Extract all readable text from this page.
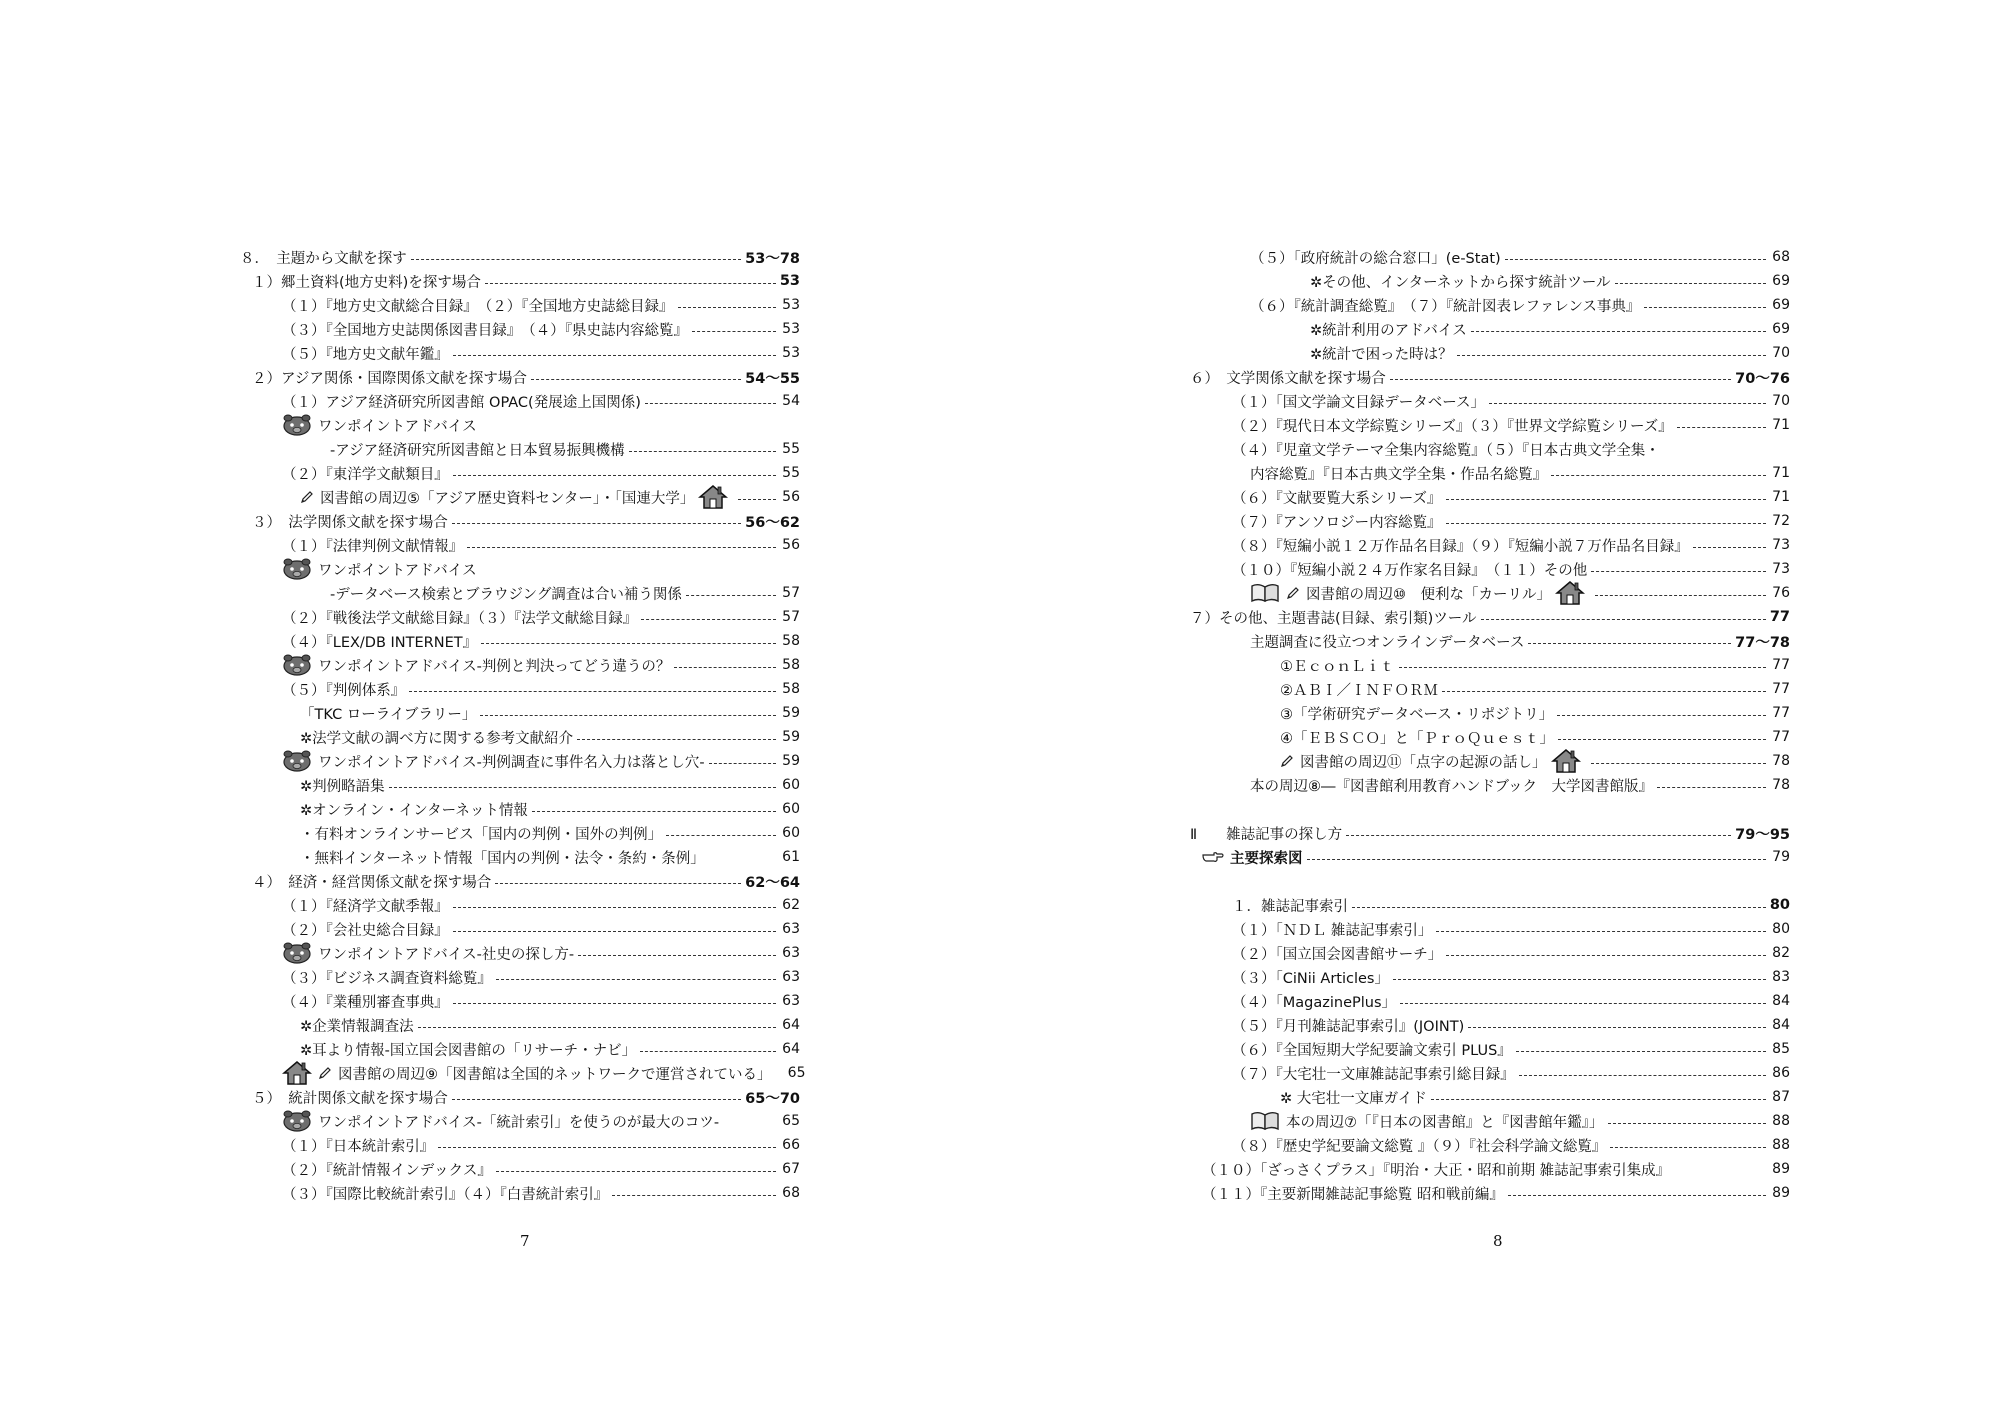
８．　主題から文献を探す	53〜78
１）郷土資料(地方史料)を探す場合	53
（１）『地方史文献総合目録』　（２）『全国地方史誌総目録』	53
（３）『全国地方史誌関係図書目録』　（４）『県史誌内容総覧』	53
（５）『地方史文献年鑑』	53
２）アジア関係・国際関係文献を探す場合	54〜55
（１）アジア経済研究所図書館 OPAC(発展途上国関係)	54
ワンポイントアドバイス
-アジア経済研究所図書館と日本貿易振興機構	55
（２）『東洋学文献類目』	55
図書館の周辺⑤「アジア歴史資料センター」・「国連大学」	56
３）　法学関係文献を探す場合	56〜62
（１）『法律判例文献情報』	56
ワンポイントアドバイス
-データベース検索とブラウジング調査は合い補う関係	57
（２）『戦後法学文献総目録』（３）『法学文献総目録』	57
（４）『LEX/DB INTERNET』	58
ワンポイントアドバイス-判例と判決ってどう違うの？	58
（５）『判例体系』	58
「TKC ローライブラリー」	59
✲法学文献の調べ方に関する参考文献紹介	59
ワンポイントアドバイス-判例調査に事件名入力は落とし穴-	59
✲判例略語集	60
✲オンライン・インターネット情報	60
・有料オンラインサービス「国内の判例・国外の判例」	60
・無料インターネット情報「国内の判例・法令・条約・条例」	61
４）　経済・経営関係文献を探す場合	62〜64
（１）『経済学文献季報』	62
（２）『会社史総合目録』	63
ワンポイントアドバイス-社史の探し方-	63
（３）『ビジネス調査資料総覧』	63
（４）『業種別審査事典』	63
✲企業情報調査法	64
✲耳より情報-国立国会図書館の「リサーチ・ナビ」	64
図書館の周辺⑨「図書館は全国的ネットワークで運営されている」 65
５）　統計関係文献を探す場合	65〜70
ワンポイントアドバイス-「統計索引」を使うのが最大のコツ-	65
（１）『日本統計索引』	66
（２）『統計情報インデックス』	67
（３）『国際比較統計索引』（４）『白書統計索引』	68
7
（５）「政府統計の総合窓口」(e-Stat)	68
✲その他、インターネットから探す統計ツール	69
（６）『統計調査総覧』　（７）『統計図表レファレンス事典』	69
✲統計利用のアドバイス	69
✲統計で困った時は？	70
６）　文学関係文献を探す場合	70〜76
（１）「国文学論文目録データベース」	70
（２）『現代日本文学綜覧シリーズ』（３）『世界文学綜覧シリーズ』	71
（４）『児童文学テーマ全集内容総覧』（５）『日本古典文学全集・
内容総覧』『日本古典文学全集・作品名総覧』	71
（６）『文献要覧大系シリーズ』	71
（７）『アンソロジー内容総覧』	72
（８）『短編小説１２万作品名目録』（９）『短編小説７万作品名目録』	73
（１０）『短編小説２４万作家名目録』　（１１）その他	73
図書館の周辺⑩　便利な「カーリル」	76
７）その他、主題書誌(目録、索引類)ツール	77
主題調査に役立つオンラインデータベース	77〜78
①ＥｃｏｎＬｉｔ	77
②ＡＢＩ／ＩＮＦＯＲＭ	77
③「学術研究データベース・リポジトリ」	77
④「ＥＢＳＣＯ」と「ＰｒｏＱｕｅｓｔ」	77
図書館の周辺⑪「点字の起源の話し」	78
本の周辺⑧―『図書館利用教育ハンドブック　大学図書館版』	78
Ⅱ　　雑誌記事の探し方	79〜95
主要探索図	79
１．雑誌記事索引	80
（１）「ＮＤＬ 雑誌記事索引」	80
（２）「国立国会図書館サーチ」	82
（３）「CiNii Articles」	83
（４）「MagazinePlus」	84
（５）『月刊雑誌記事索引』(JOINT)	84
（６）『全国短期大学紀要論文索引 PLUS』	85
（７）『大宅壮一文庫雑誌記事索引総目録』	86
✲ 大宅壮一文庫ガイド	87
本の周辺⑦「『日本の図書館』と『図書館年鑑』」	88
（８）『歴史学紀要論文総覧 』（９）『社会科学論文総覧』	88
（１０）「ざっさくプラス」『明治・大正・昭和前期 雑誌記事索引集成』	89
（１１）『主要新聞雑誌記事総覧 昭和戦前編』	89
8
